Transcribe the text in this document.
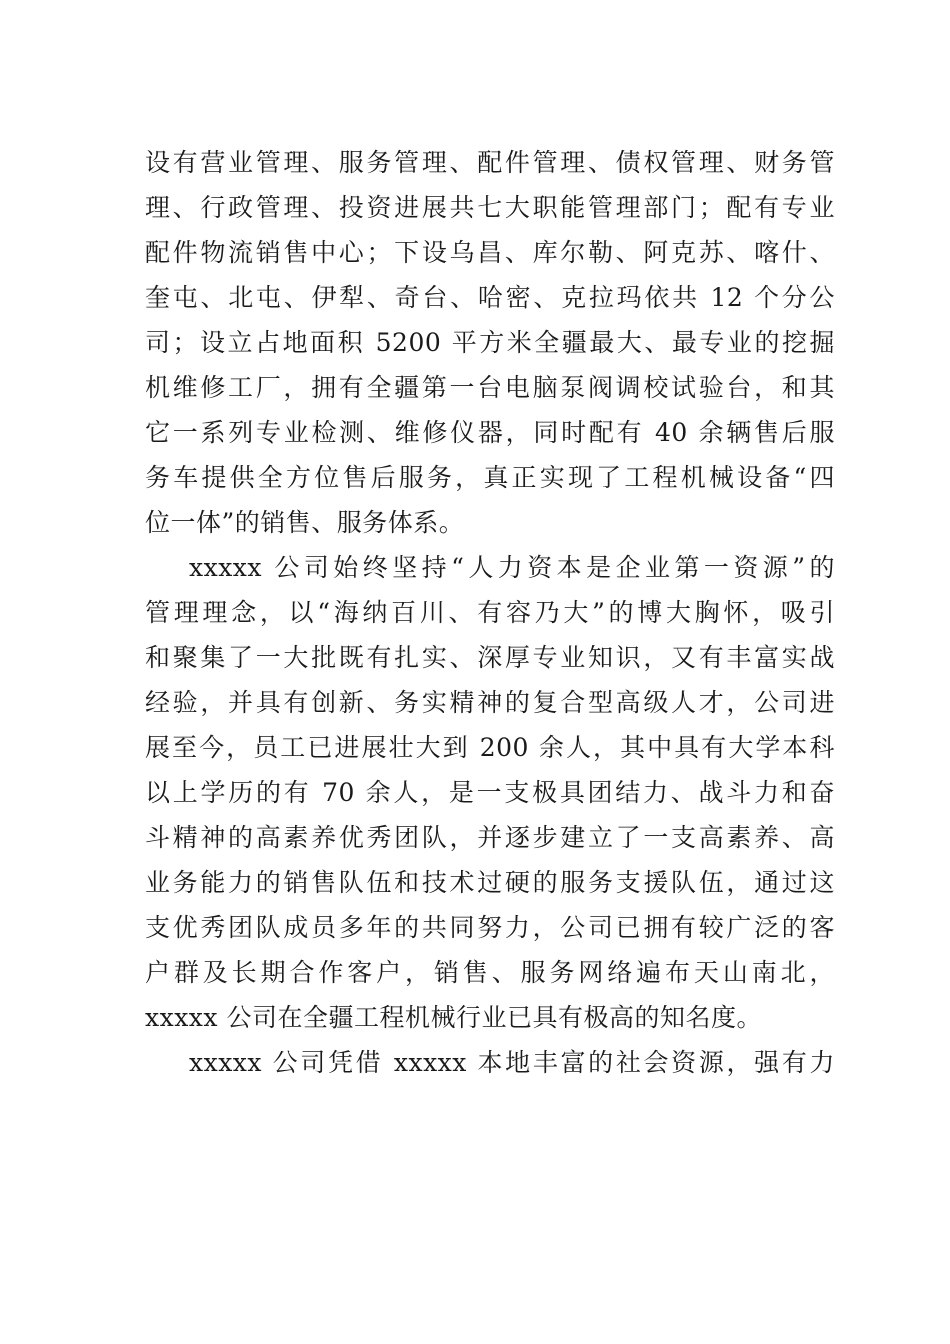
设有营业管理、服务管理、配件管理、债权管理、财务管
理、行政管理、投资进展共七大职能管理部门；配有专业
配件物流销售中心；下设乌昌、库尔勒、阿克苏、喀什、
奎屯、北屯、伊犁、奇台、哈密、克拉玛依共 12 个分公
司；设立占地面积 5200 平方米全疆最大、最专业的挖掘
机维修工厂，拥有全疆第一台电脑泵阀调校试验台，和其
它一系列专业检测、维修仪器，同时配有 40 余辆售后服
务车提供全方位售后服务，真正实现了工程机械设备“四
位一体”的销售、服务体系。
xxxxx 公司始终坚持“人力资本是企业第一资源”的
管理理念，以“海纳百川、有容乃大”的博大胸怀，吸引
和聚集了一大批既有扎实、深厚专业知识，又有丰富实战
经验，并具有创新、务实精神的复合型高级人才，公司进
展至今，员工已进展壮大到 200 余人，其中具有大学本科
以上学历的有 70 余人，是一支极具团结力、战斗力和奋
斗精神的高素养优秀团队，并逐步建立了一支高素养、高
业务能力的销售队伍和技术过硬的服务支援队伍，通过这
支优秀团队成员多年的共同努力，公司已拥有较广泛的客
户群及长期合作客户，销售、服务网络遍布天山南北，
xxxxx 公司在全疆工程机械行业已具有极高的知名度。
xxxxx 公司凭借 xxxxx 本地丰富的社会资源，强有力
